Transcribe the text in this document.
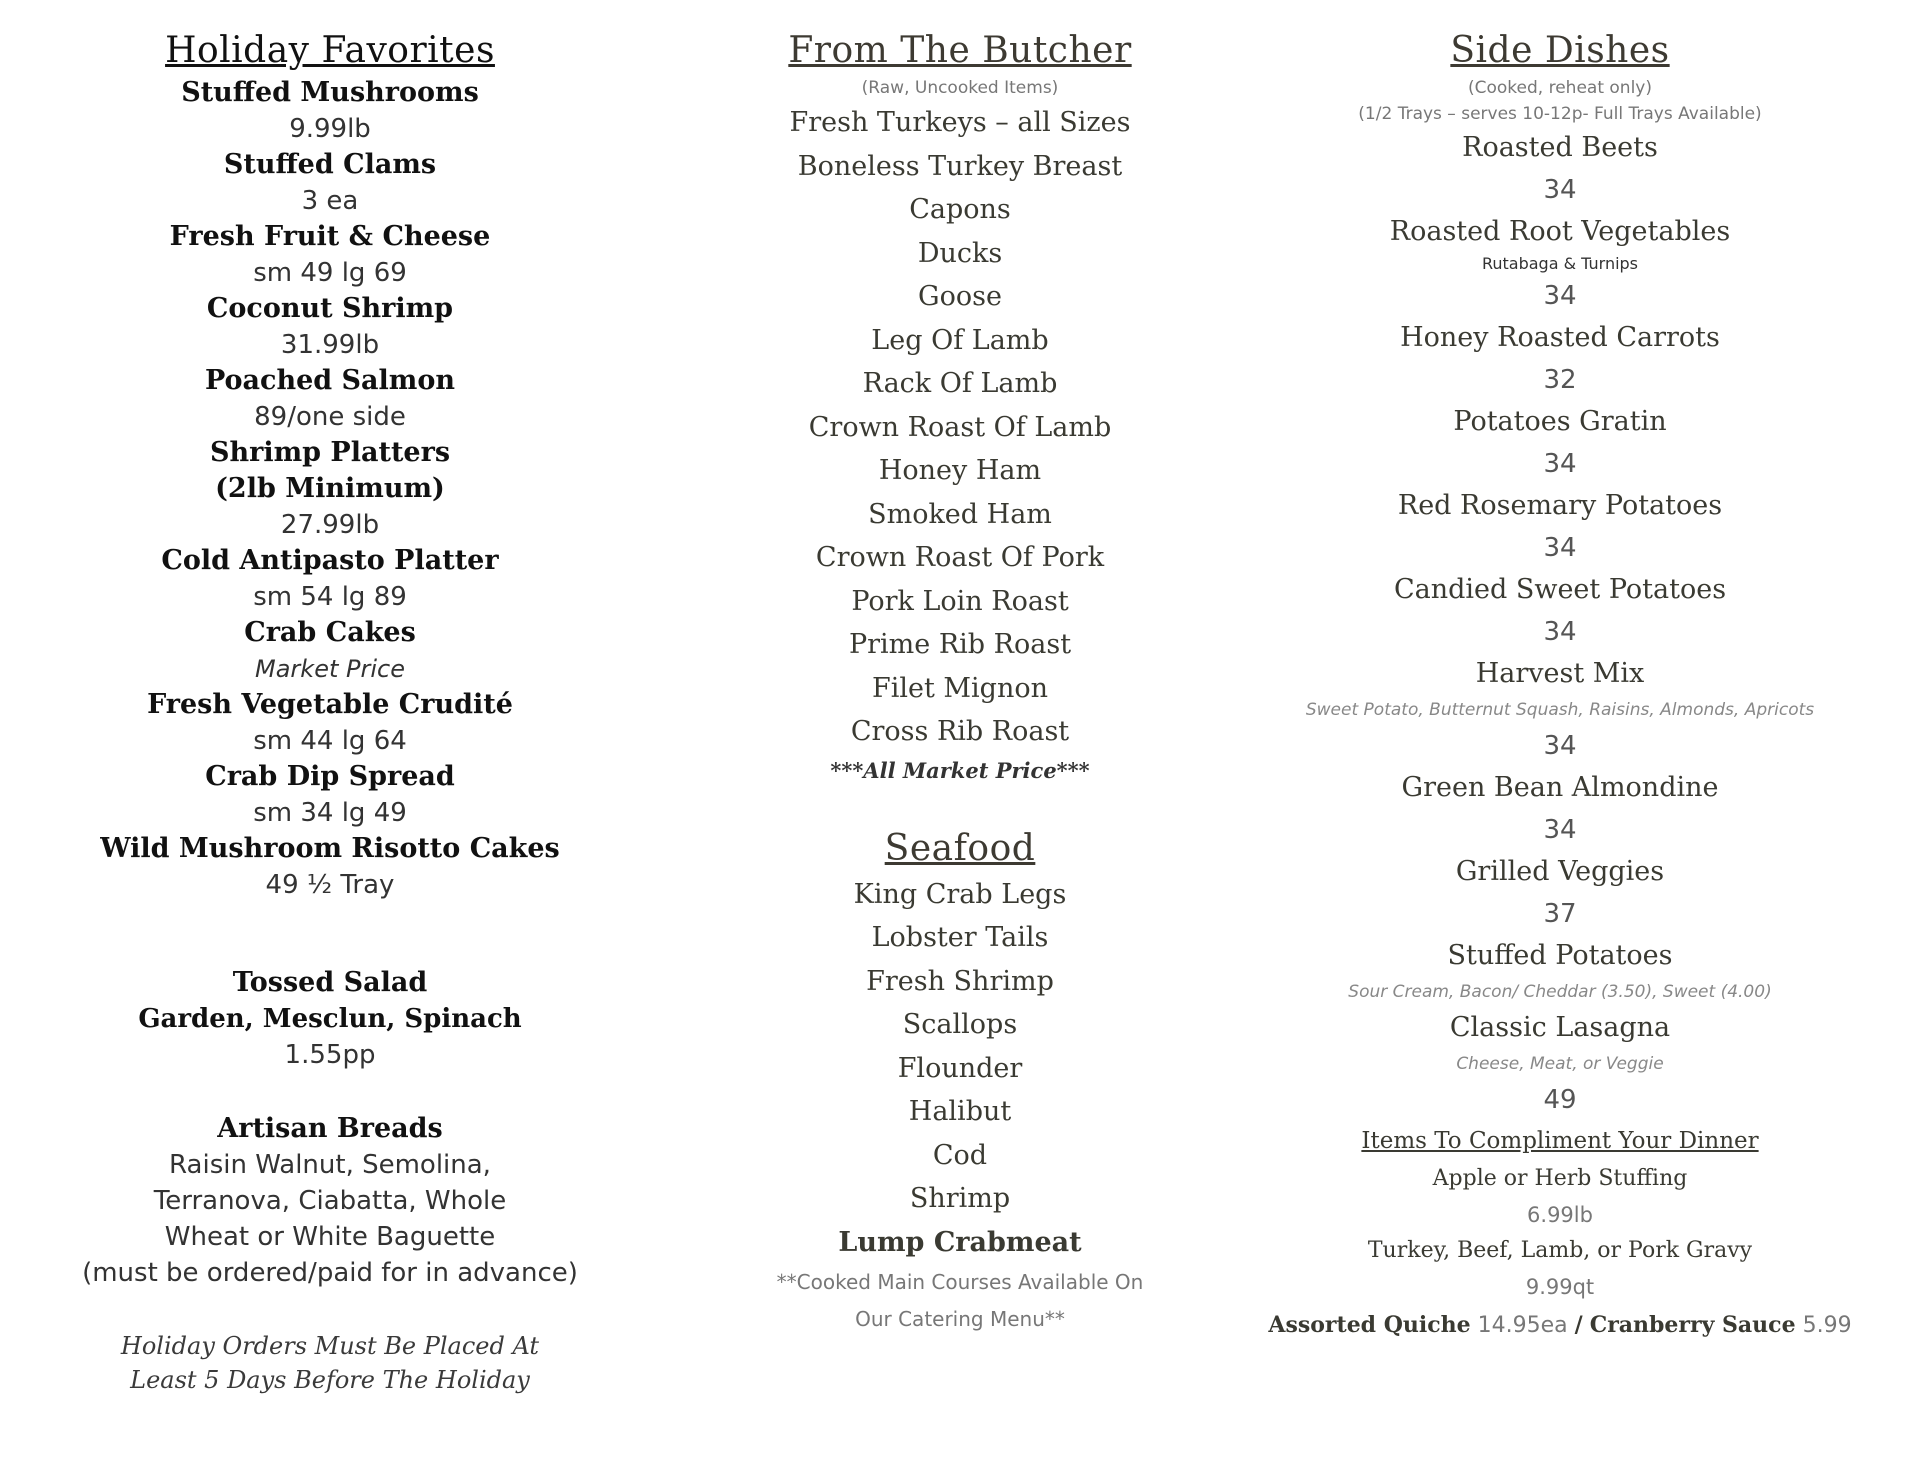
Holiday Favorites
Stuffed Mushrooms
9.99lb
Stuffed Clams
3 ea
Fresh Fruit & Cheese
sm 49 lg 69
Coconut Shrimp
31.99lb
Poached Salmon
89/one side
Shrimp Platters
(2lb Minimum)
27.99lb
Cold Antipasto Platter
sm 54 lg 89
Crab Cakes
Market Price
Fresh Vegetable Crudité
sm 44 lg 64
Crab Dip Spread
sm 34 lg 49
Wild Mushroom Risotto Cakes
49 ½ Tray
Tossed Salad
Garden, Mesclun, Spinach
1.55pp
Artisan Breads
Raisin Walnut, Semolina,
Terranova, Ciabatta, Whole
Wheat or White Baguette
(must be ordered/paid for in advance)
Holiday Orders Must Be Placed At
Least 5 Days Before The Holiday
From The Butcher
(Raw, Uncooked Items)
Fresh Turkeys – all Sizes
Boneless Turkey Breast
Capons
Ducks
Goose
Leg Of Lamb
Rack Of Lamb
Crown Roast Of Lamb
Honey Ham
Smoked Ham
Crown Roast Of Pork
Pork Loin Roast
Prime Rib Roast
Filet Mignon
Cross Rib Roast
***All Market Price***
Seafood
King Crab Legs
Lobster Tails
Fresh Shrimp
Scallops
Flounder
Halibut
Cod
Shrimp
Lump Crabmeat
**Cooked Main Courses Available On
Our Catering Menu**
Side Dishes
(Cooked, reheat only)
(1/2 Trays – serves 10-12p- Full Trays Available)
Roasted Beets
34
Roasted Root Vegetables
Rutabaga & Turnips
34
Honey Roasted Carrots
32
Potatoes Gratin
34
Red Rosemary Potatoes
34
Candied Sweet Potatoes
34
Harvest Mix
Sweet Potato, Butternut Squash, Raisins, Almonds, Apricots
34
Green Bean Almondine
34
Grilled Veggies
37
Stuffed Potatoes
Sour Cream, Bacon/ Cheddar (3.50), Sweet (4.00)
Classic Lasagna
Cheese, Meat, or Veggie
49
Items To Compliment Your Dinner
Apple or Herb Stuffing
6.99lb
Turkey, Beef, Lamb, or Pork Gravy
9.99qt
Assorted Quiche 14.95ea / Cranberry Sauce 5.99
